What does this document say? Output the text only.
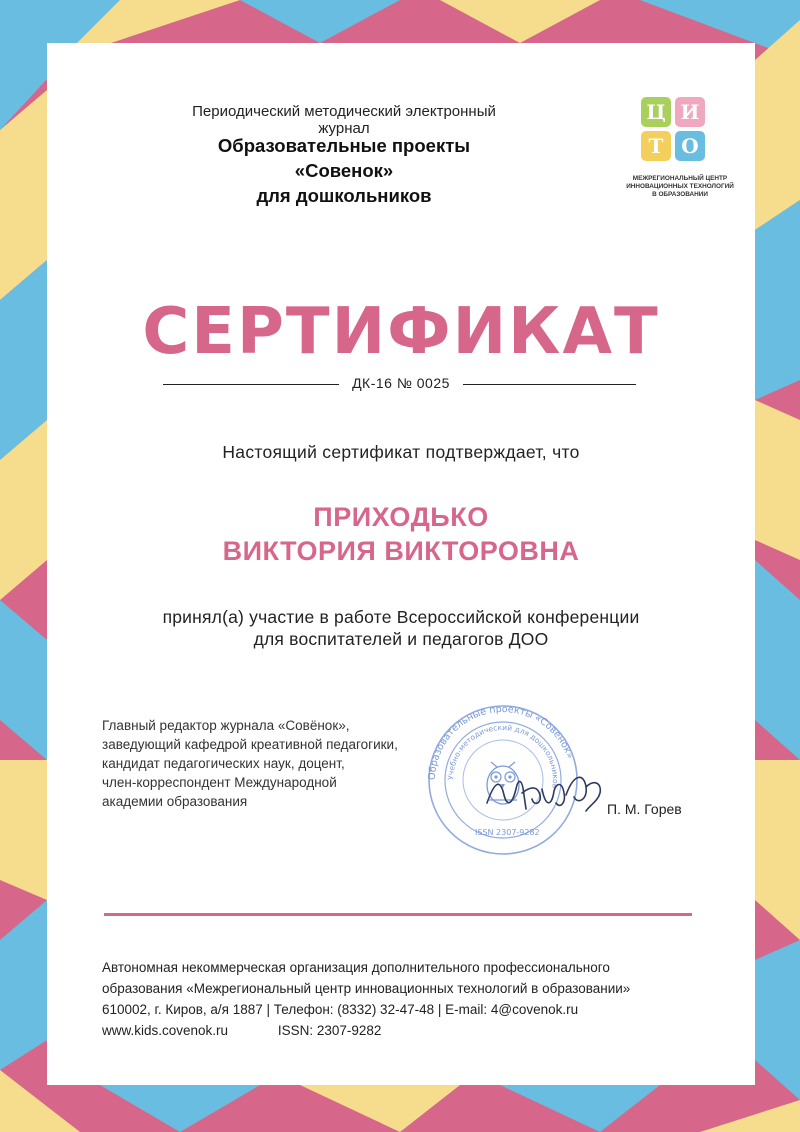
Периодический методический электронный журнал
Образовательные проекты «Совенок»
для дошкольников
Ц И
Т О
МЕЖРЕГИОНАЛЬНЫЙ ЦЕНТР
ИННОВАЦИОННЫХ ТЕХНОЛОГИЙ
В ОБРАЗОВАНИИ
СЕРТИФИКАТ
ДК-16 № 0025
Настоящий сертификат подтверждает, что
ПРИХОДЬКО
ВИКТОРИЯ ВИКТОРОВНА
принял(а) участие в работе Всероссийской конференции
для воспитателей и педагогов ДОО
Главный редактор журнала «Совёнок»,
заведующий кафедрой креативной педагогики,
кандидат педагогических наук, доцент,
член-корреспондент Международной
академии образования
Образовательные проекты «Совенок»
Учебно-методический для дошкольников
ISSN 2307-9282
П. М. Горев
Автономная некоммерческая организация дополнительного профессионального
образования «Межрегиональный центр инновационных технологий в образовании»
610002, г. Киров, а/я 1887 | Телефон: (8332) 32-47-48 | E-mail: 4@covenok.ru
www.kids.covenok.ru	ISSN: 2307-9282
